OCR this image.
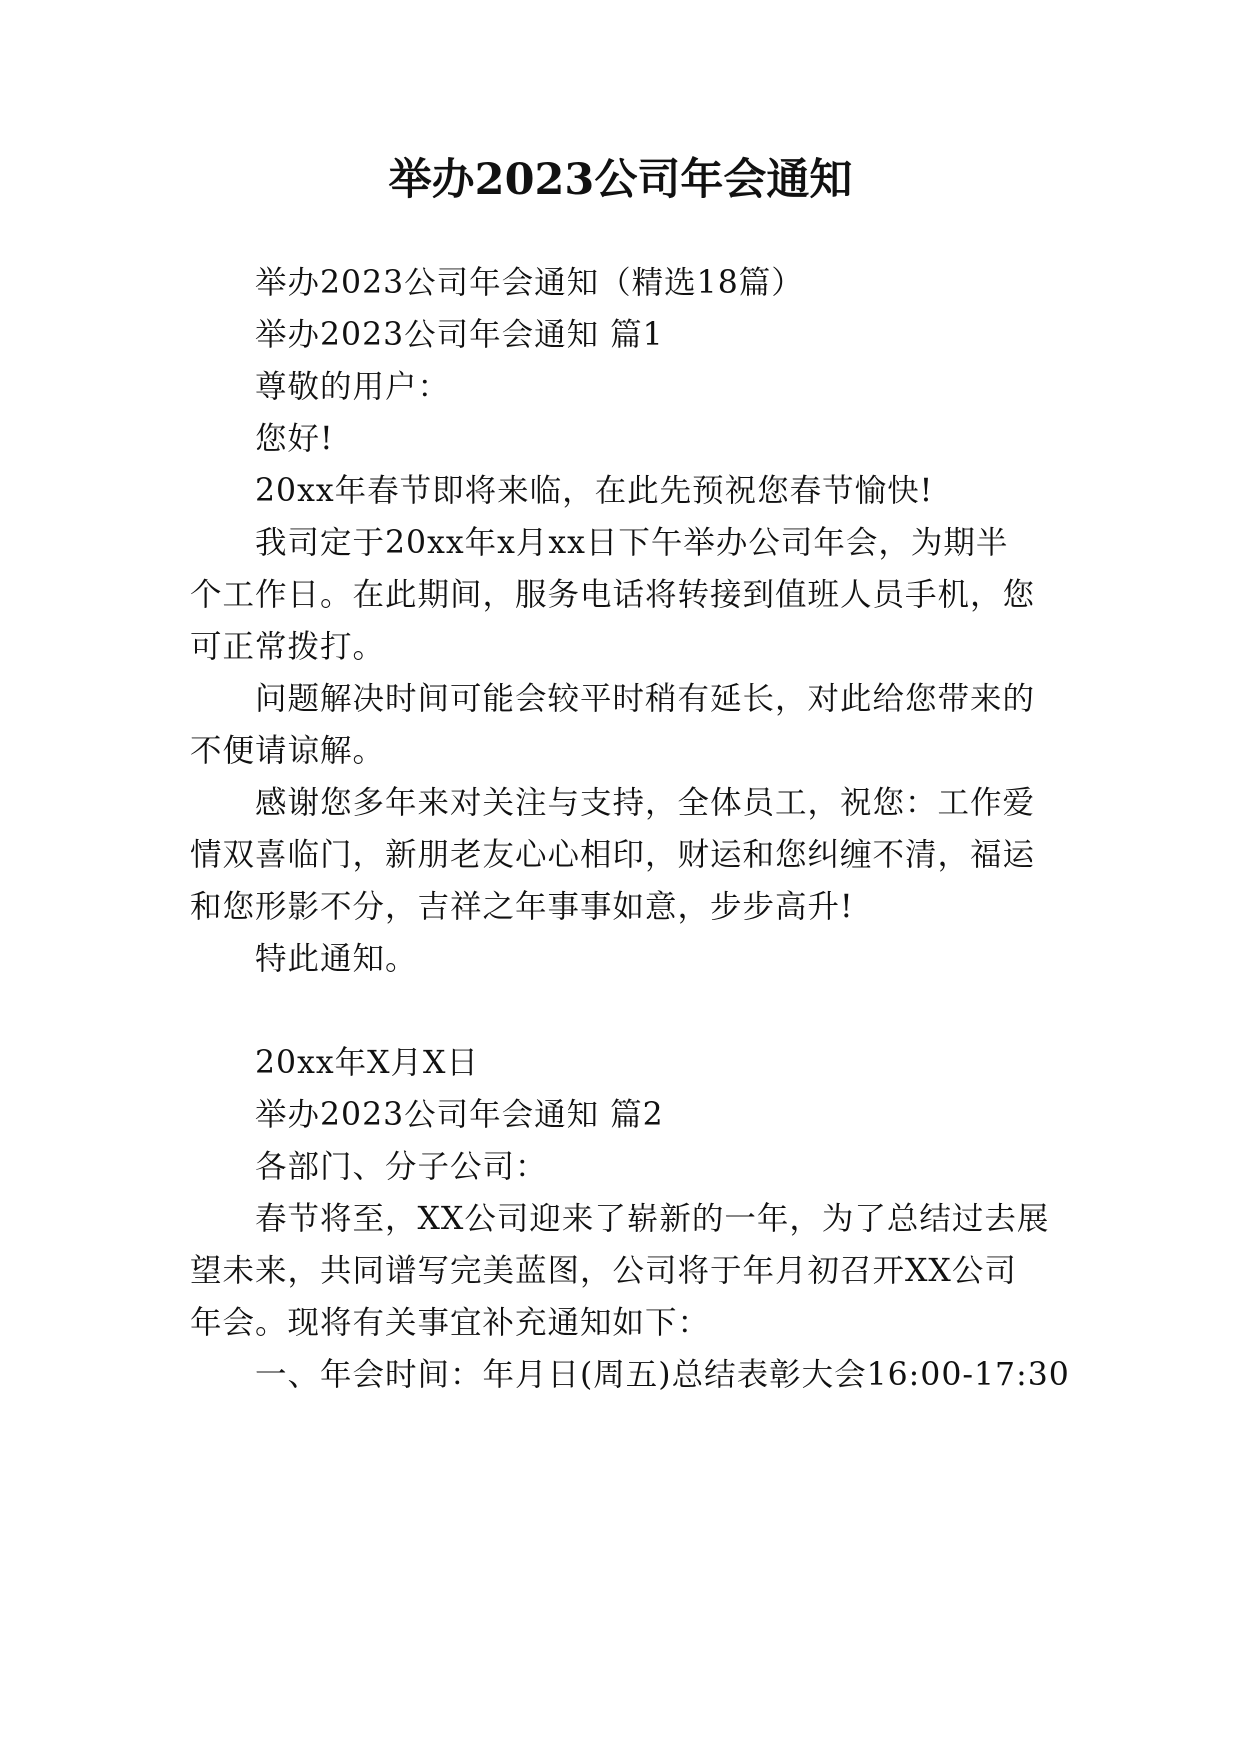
举办2023公司年会通知
举办2023公司年会通知（精选18篇）
举办2023公司年会通知 篇1
尊敬的用户：
您好!
20xx年春节即将来临，在此先预祝您春节愉快!
我司定于20xx年x月xx日下午举办公司年会，为期半
个工作日。在此期间，服务电话将转接到值班人员手机，您
可正常拨打。
问题解决时间可能会较平时稍有延长，对此给您带来的
不便请谅解。
感谢您多年来对关注与支持，全体员工，祝您：工作爱
情双喜临门，新朋老友心心相印，财运和您纠缠不清，福运
和您形影不分，吉祥之年事事如意，步步高升!
特此通知。
20xx年X月X日
举办2023公司年会通知 篇2
各部门、分子公司：
春节将至，XX公司迎来了崭新的一年，为了总结过去展
望未来，共同谱写完美蓝图，公司将于年月初召开XX公司
年会。现将有关事宜补充通知如下：
一、年会时间：年月日(周五)总结表彰大会16:00-17:30
